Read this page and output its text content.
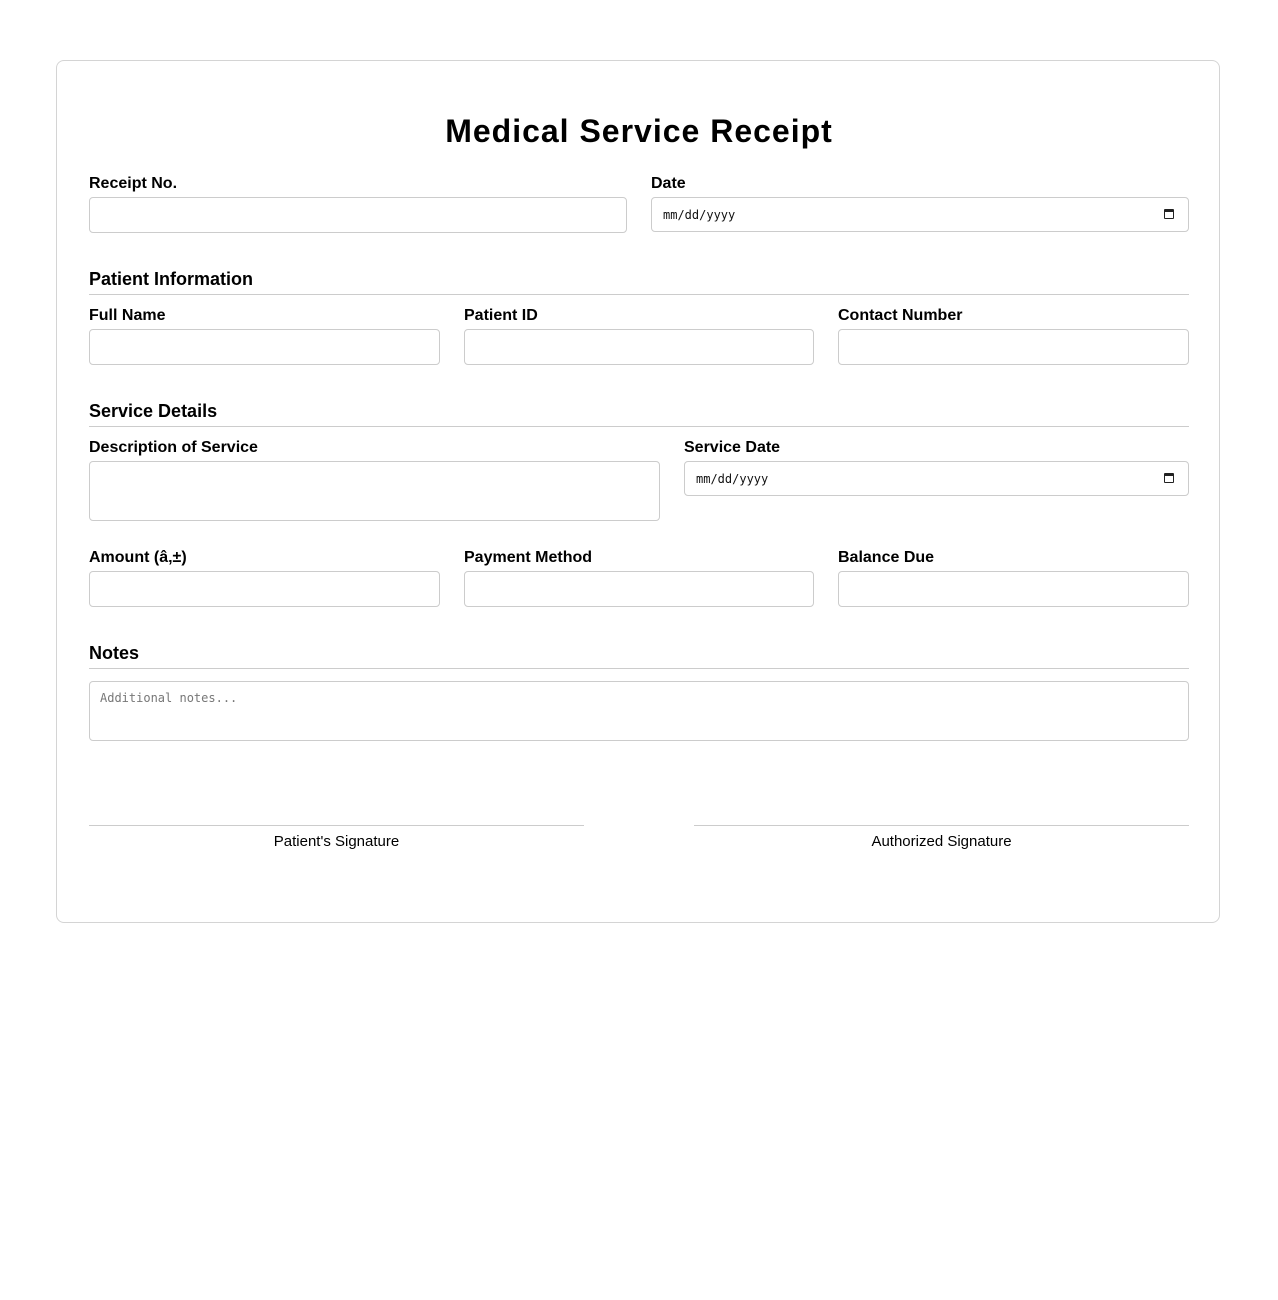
Medical Service Receipt
Receipt No.	Date
mm/dd/yyyy
Patient Information
Full Name	Patient ID	Contact Number
Service Details
Description of Service	Service Date
mm/dd/yyyy
Amount (â‚±)	Payment Method	Balance Due
Notes
Additional notes...
Patient's Signature	Authorized Signature
